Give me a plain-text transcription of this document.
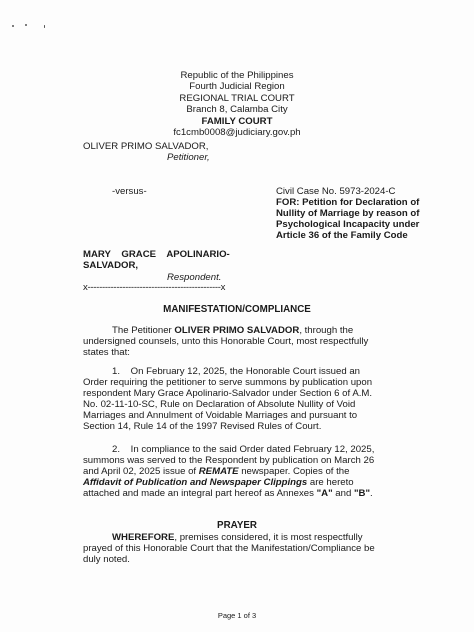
Republic of the Philippines
Fourth Judicial Region
REGIONAL TRIAL COURT
Branch 8, Calamba City
FAMILY COURT
fc1cmb0008@judiciary.gov.ph
OLIVER PRIMO SALVADOR,
Petitioner,
-versus-	Civil Case No. 5973-2024-C
FOR: Petition for Declaration of
Nullity of Marriage by reason of
Psychological Incapacity under
Article 36 of the Family Code
MARY    GRACE    APOLINARIO-
SALVADOR,
Respondent.
x----------------------------------------------x
MANIFESTATION/COMPLIANCE
The Petitioner OLIVER PRIMO SALVADOR, through the
undersigned counsels, unto this Honorable Court, most respectfully
states that:
1.    On February 12, 2025, the Honorable Court issued an
Order requiring the petitioner to serve summons by publication upon
respondent Mary Grace Apolinario-Salvador under Section 6 of A.M.
No. 02-11-10-SC, Rule on Declaration of Absolute Nullity of Void
Marriages and Annulment of Voidable Marriages and pursuant to
Section 14, Rule 14 of the 1997 Revised Rules of Court.
2.    In compliance to the said Order dated February 12, 2025,
summons was served to the Respondent by publication on March 26
and April 02, 2025 issue of REMATE newspaper. Copies of the
Affidavit of Publication and Newspaper Clippings are hereto
attached and made an integral part hereof as Annexes "A" and "B".
PRAYER
WHEREFORE, premises considered, it is most respectfully
prayed of this Honorable Court that the Manifestation/Compliance be
duly noted.
Page 1 of 3
